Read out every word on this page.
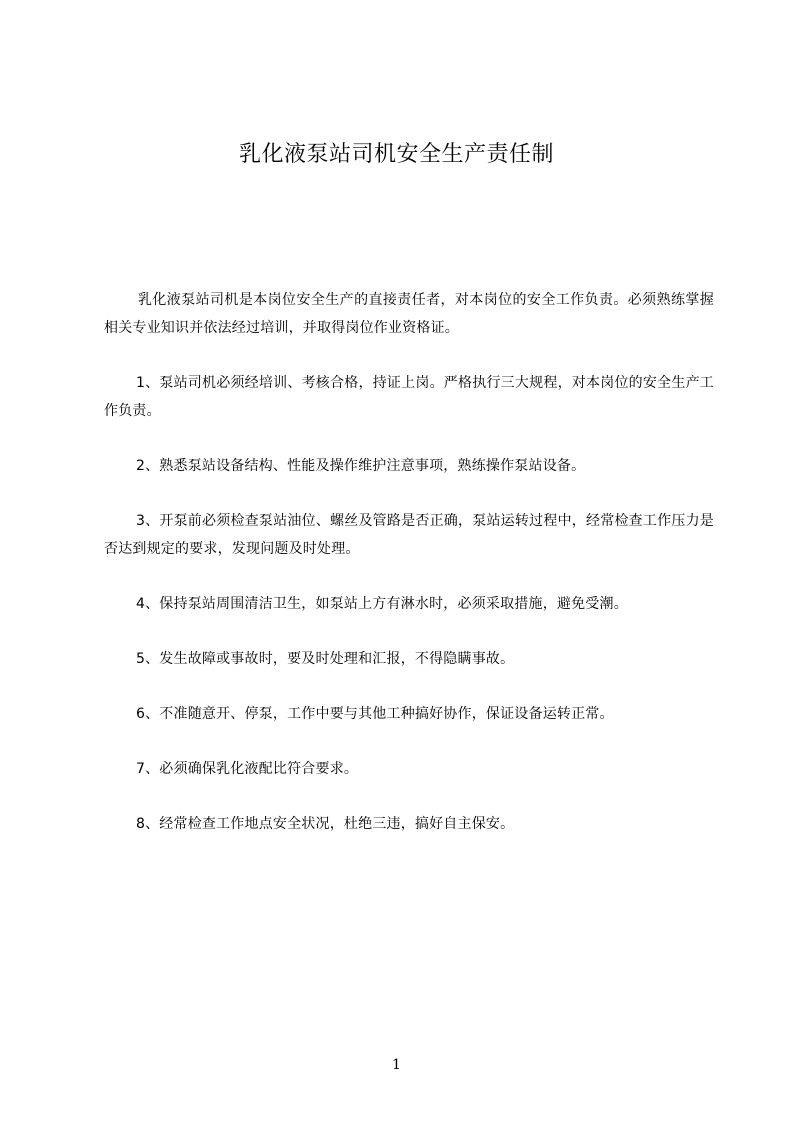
乳化液泵站司机安全生产责任制

乳化液泵站司机是本岗位安全生产的直接责任者，对本岗位的安全工作负责。必须熟练掌握相关专业知识并依法经过培训，并取得岗位作业资格证。

1、泵站司机必须经培训、考核合格，持证上岗。严格执行三大规程，对本岗位的安全生产工作负责。

2、熟悉泵站设备结构、性能及操作维护注意事项，熟练操作泵站设备。

3、开泵前必须检查泵站油位、螺丝及管路是否正确，泵站运转过程中，经常检查工作压力是否达到规定的要求，发现问题及时处理。

4、保持泵站周围清洁卫生，如泵站上方有淋水时，必须采取措施，避免受潮。

5、发生故障或事故时，要及时处理和汇报，不得隐瞒事故。

6、不准随意开、停泵，工作中要与其他工种搞好协作，保证设备运转正常。

7、必须确保乳化液配比符合要求。

8、经常检查工作地点安全状况，杜绝三违，搞好自主保安。

1
